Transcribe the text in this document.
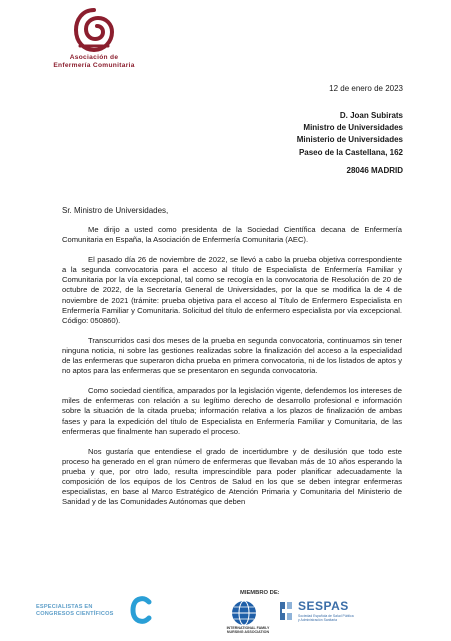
Asociación de
Enfermería Comunitaria
12 de enero de 2023
D. Joan Subirats
Ministro de Universidades
Ministerio de Universidades
Paseo de la Castellana, 162
28046 MADRID
Sr. Ministro de Universidades,

Me dirijo a usted como presidenta de la Sociedad Científica decana de Enfermería Comunitaria en España, la Asociación de Enfermería Comunitaria (AEC).

El pasado día 26 de noviembre de 2022, se llevó a cabo la prueba objetiva correspondiente a la segunda convocatoria para el acceso al título de Especialista de Enfermería Familiar y Comunitaria por la vía excepcional, tal como se recogía en la convocatoria de Resolución de 20 de octubre de 2022, de la Secretaría General de Universidades, por la que se modifica la de 4 de noviembre de 2021 (trámite: prueba objetiva para el acceso al Título de Enfermero Especialista en Enfermería Familiar y Comunitaria. Solicitud del título de enfermero especialista por vía excepcional. Código: 050860).

Transcurridos casi dos meses de la prueba en segunda convocatoria, continuamos sin tener ninguna noticia, ni sobre las gestiones realizadas sobre la finalización del acceso a la especialidad de las enfermeras que superaron dicha prueba en primera convocatoria, ni de los listados de aptos y no aptos para las enfermeras que se presentaron en segunda convocatoria.

Como sociedad científica, amparados por la legislación vigente, defendemos los intereses de miles de enfermeras con relación a su legítimo derecho de desarrollo profesional e información sobre la situación de la citada prueba; información relativa a los plazos de finalización de ambas fases y para la expedición del título de Especialista en Enfermería Familiar y Comunitaria, de las enfermeras que finalmente han superado el proceso.

Nos gustaría que entendiese el grado de incertidumbre y de desilusión que todo este proceso ha generado en el gran número de enfermeras que llevaban más de 10 años esperando la prueba y que, por otro lado, resulta imprescindible para poder planificar adecuadamente la composición de los equipos de los Centros de Salud en los que se deben integrar enfermeras especialistas, en base al Marco Estratégico de Atención Primaria y Comunitaria del Ministerio de Sanidad y de las Comunidades Autónomas que deben

ESPECIALISTAS EN
CONGRESOS CIENTÍFICOS
MIEMBRO DE:
INTERNATIONAL FAMILY
NURSING ASSOCIATION
SESPAS
Sociedad Española de Salud Pública
y Administración Sanitaria
